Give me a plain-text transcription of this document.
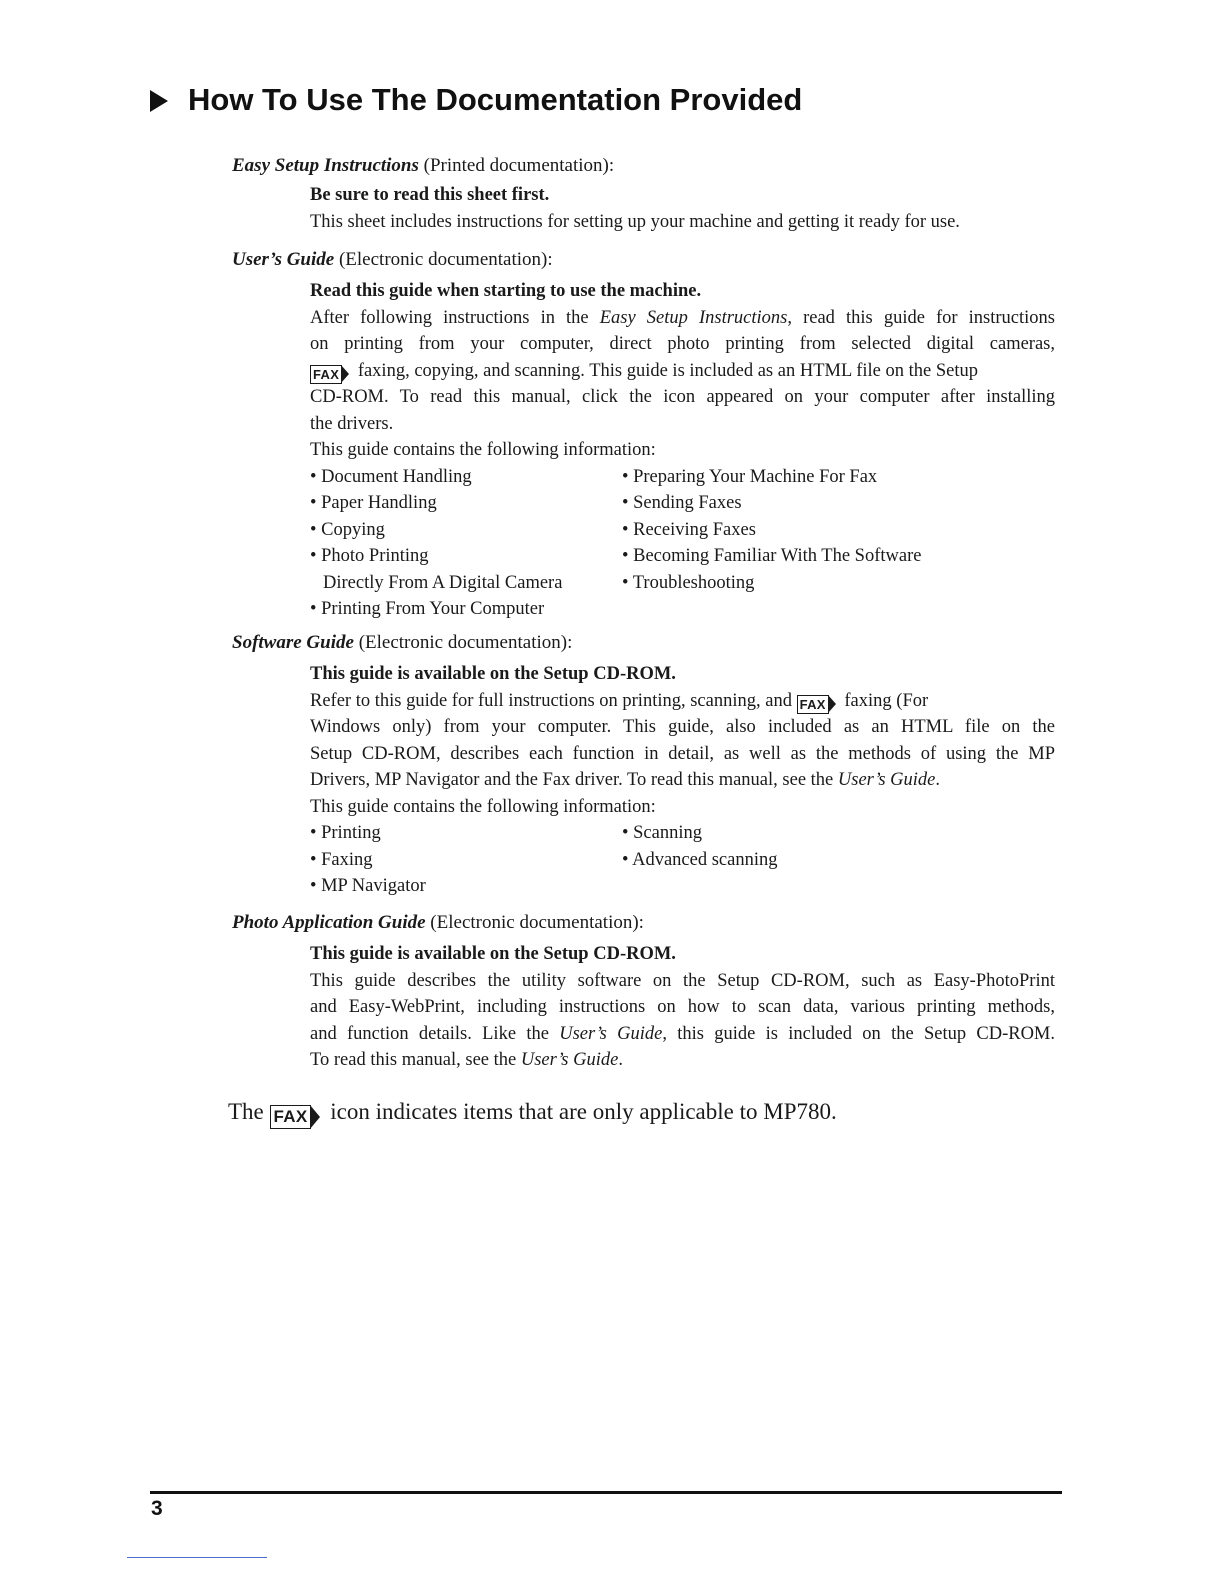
How To Use The Documentation Provided
Easy Setup Instructions (Printed documentation):
Be sure to read this sheet first.
This sheet includes instructions for setting up your machine and getting it ready for use.
User’s Guide (Electronic documentation):
Read this guide when starting to use the machine.
After following instructions in the Easy Setup Instructions, read this guide for instructions
on printing from your computer, direct photo printing from selected digital cameras,
FAX faxing, copying, and scanning. This guide is included as an HTML file on the Setup
CD-ROM. To read this manual, click the icon appeared on your computer after installing
the drivers.
This guide contains the following information:
• Document Handling
• Paper Handling
• Copying
• Photo Printing
Directly From A Digital Camera
• Printing From Your Computer
• Preparing Your Machine For Fax
• Sending Faxes
• Receiving Faxes
• Becoming Familiar With The Software
• Troubleshooting
Software Guide (Electronic documentation):
This guide is available on the Setup CD-ROM.
Refer to this guide for full instructions on printing, scanning, and FAX faxing (For
Windows only) from your computer. This guide, also included as an HTML file on the
Setup CD-ROM, describes each function in detail, as well as the methods of using the MP
Drivers, MP Navigator and the Fax driver. To read this manual, see the User’s Guide.
This guide contains the following information:
• Printing
• Faxing
• MP Navigator
• Scanning
• Advanced scanning
Photo Application Guide (Electronic documentation):
This guide is available on the Setup CD-ROM.
This guide describes the utility software on the Setup CD-ROM, such as Easy-PhotoPrint
and Easy-WebPrint, including instructions on how to scan data, various printing methods,
and function details. Like the User’s Guide, this guide is included on the Setup CD-ROM.
To read this manual, see the User’s Guide.
The FAX icon indicates items that are only applicable to MP780.
3
